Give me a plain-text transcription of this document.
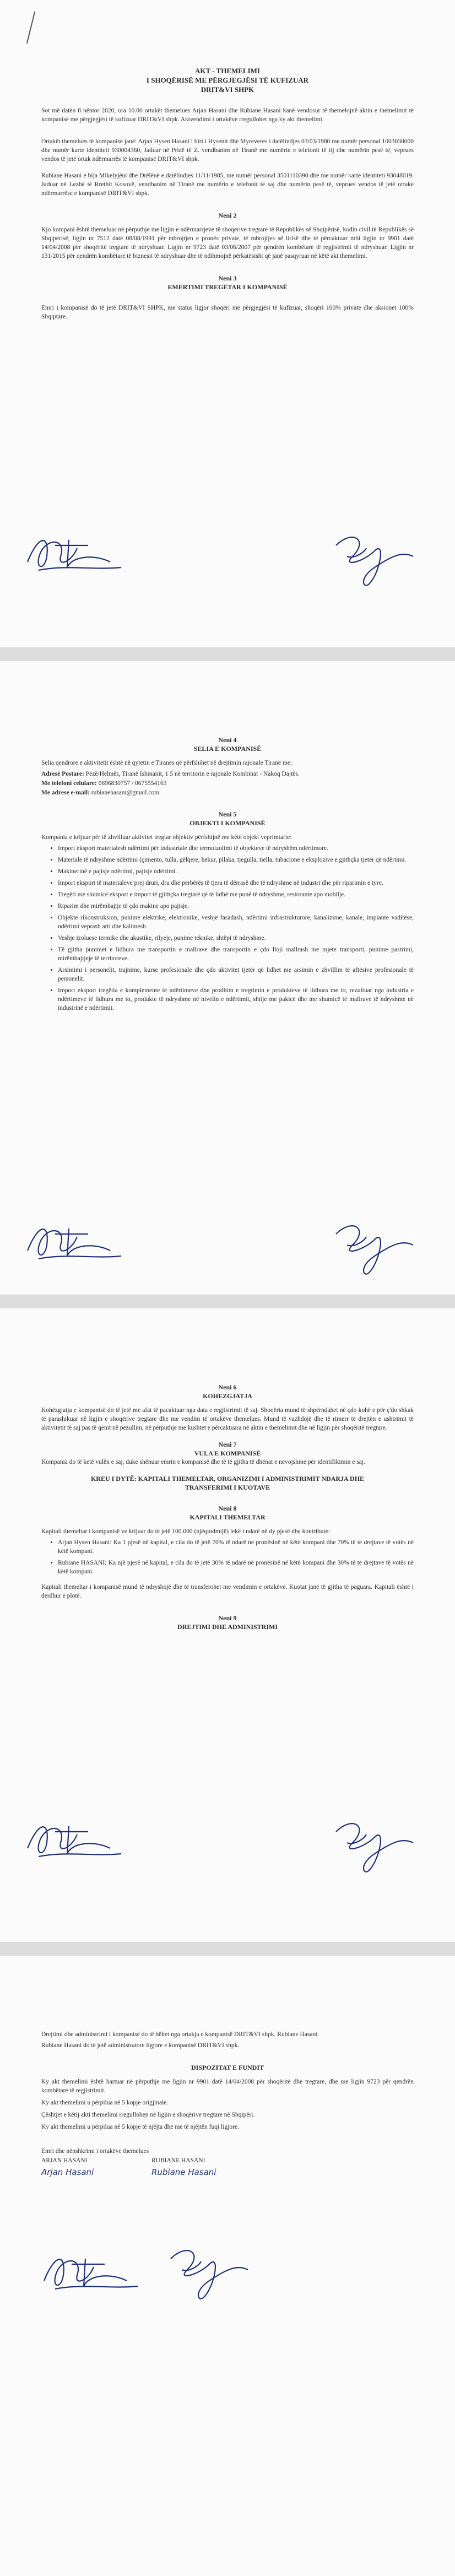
AKT - THEMELIMI

I SHOQËRISË ME PËRGJEGJËSI TË KUFIZUAR

DRIT&VI SHPK

Sot më datën 8 nëntor 2020, ora 10.00 ortakët themelues Arjan Hasani dhe Rubiane Hasani kanë vendosur të themelojnë aktin e themelimit të kompanisë me përgjegjësi të kufizuar DRIT&VI shpk. Aktvendimi i ortakëve rregullohet nga ky akt themelimi.

Ortakët themelues të kompanisë janë: Arjan Hysen Hasani i biri i Hysenit dhe Myreveres i datëlindjes 03/03/1980 me numër personal 1003030000 dhe numër karte identiteti 930004360, Jaduar në Prizë të Z. vendbanim në Tiranë me numërin e telefonit të tij dhe numërin pesë të, veprues vendos të jetë ortak ndërmarrës të kompanisë DRIT&VI shpk.

Rubiane Hasani e bija Mikelyjëni dhe Drëlënë e datëlindjes 11/11/1985, me numër personal 3501110390 dhe me numër karte identiteti 93048019. Jaduar në Lezhë të Rrethit Kosovë, vendbanim në Tiranë me numërin e telefonit të saj dhe numërin pesë të, veprues vendos të jetë ortake ndërmarrëse e kompanisë DRIT&VI shpk.

Neni 2

Kjo kompani është themeluar në përputhje me ligjin e ndërmarrjeve të shoqërive tregtare të Republikës së Shqipërisë, kodin civil të Republikës së Shqipërisë, ligjin nr 7512 datë 08/08/1991 për mbrojtjen e pronës private, të mbrojtjes së lirisë dhe të përcaktuar mbi ligjin nr 9901 datë 14/04/2008 për shoqëritë tregtare të ndryshuar. Ligjin nr 9723 datë 03/06/2007 për qendrën kombëtare të regjistrimit të ndryshuar. Ligjin nr 131/2015 për qendrën kombëtare të biznesit të ndryshuar dhe të ndihmojnë përkatësisht që janë pasqyruar në këtë akt themelimi.

Neni 3

EMËRTIMI TREGËTAR I KOMPANISË

Emri i kompanisë do të jetë DRIT&VI SHPK, me status ligjor shoqëri me përgjegjësi të kufizuar, shoqëri 100% private dhe aksionet 100% Shqiptare.

Neni 4

SELIA E KOMPANISË

Selia qendrore e aktivitetit është në qytetin e Tiranës që përfshihet në drejtimin rajonale Tiranë me:

Adresë Postare: Pezë/Helmës, Tiranë Ishmanit, 1 5 në territorin e rajonale Kombinat - Nakoq Dajtës.

Me telefoni celulare: 0696830757 / 0675554163

Me adrese e-mail: rubianehasani@gmail.com

Neni 5

OBJEKTI I KOMPANISË

Kompania e krijuar për të zhvilluar aktivitet tregtar objektiv përfshijnë me këtë objekt veprimtarie:

• Import eksport materialesh ndërtimi për industriale dhe termoizolimi të objekteve të ndryshëm ndërtimore.
• Materiale të ndryshme ndërtimi (çimento, tulla, gëlqere, hekur, pllaka, tjegulla, tiella, tubacione e eksplozive e gjithçka tjetër që ndërtimi.
• Makinerinë e pajisje ndërtimi, pajisje ndërtimi.
• Import eksport të materialeve prej druri, dru dhe përbërës të tjera të dërrasë dhe të ndryshme në industri dhe për riparimin e tyre.
• Tregëti me shumicë eksport e import të gjithçka tregtarë që të lidhë me punë të ndryshme, restorante apo mobilje.
• Riparim dhe mirëmbajtje të çdo makine apo pajisje.
• Objekte rikonstruksion, punime elektrike, elektronike, veshje fasadash, ndërtimi infrastrukturore, kanalizime, kanale, impiante vaditëse, ndërtimi veprash arti dhe kalimesh.
• Veshje izoluese termike dhe akustike, rilyeje, punime teknike, shtëpi të ndryshme.
• Të gjitha punimet e lidhura me transportin e mallrave dhe transportin e çdo lloji mallrash me mjete transporti, punime pastrimi, mirëmbajtjeje të territoreve.
• Arsimimi i personelit, trajnime, kurse profesionale dhe çdo aktivitet tjetër që lidhet me arsimin e zhvillim të aftësive profesionale të personelit.
• Import eksport tregëtia e komplemente të ndërtimeve dhe prodhim e tregtimin e produkteve të lidhura me to, rezultuar nga industria e ndërtimeve të lidhura me to, produkte të ndryshme në nivelin e ndërtimit, shitje me pakicë dhe me shumicë të mallrave të ndryshme në industrinë e ndërtimit.

Neni 6

KOHEZGJATJA

Kohëzgjatja e kompanisë do të jetë me afat të pacaktuar nga data e regjistrimit të saj. Shoqëria mund të shpërndahet në çdo kohë e për ç'do shkak të parashikuar në ligjin e shoqërive tregtare dhe me vendim të ortakëve themelues. Mund të vazhdojë dhe të rimerr të drejtën e ushtrimit të aktivitetit të saj pas të qenit në pezullim, në përputhje me kushtet e përcaktuara në aktin e themelimit dhe në ligjin për shoqëritë tregtare.

Neni 7

VULA E KOMPANISË

Kompania do të ketë vulën e saj, duke shënuar emrin e kompanisë dhe të të gjitha të dhënat e nevojshme për identifikimin e saj.

KREU I DYTË: KAPITALI THEMELTAR, ORGANIZIMI I ADMINISTRIMIT NDARJA DHE

TRANSFERIMI I KUOTAVE

Neni 8

KAPITALI THEMELTAR

Kapitali themeltar i kompanisë ve krijuar do të jetë 100.000 (njëqindmijë) lekë i ndarë në dy pjesë dhe kontribute:

• Arjan Hysen Hasani: Ka 1 pjesë në kapital, e cila do të jetë 70% të ndarë në pronësinë në këtë kompani dhe 70% të të drejtave të votës në këtë kompani.
• Rubiane HASANI: Ka një pjesë në kapital, e cila do të jetë 30% të ndarë në pronësinë në këtë kompani dhe 30% të të drejtave të votës në këtë kompani.

Kapitali themeltar i kompanisë mund të ndryshojë dhe të transferohet me vendimin e ortakëve. Kuotat janë të gjitha të paguara. Kapitali është i derdhur e plotë.

Neni 9

DREJTIMI DHE ADMINISTRIMI

Drejtimi dhe administrimi i kompanisë do të bëhet nga ortakja e kompanisë DRIT&VI shpk. Rubiane Hasani

Rubiane Hasani do të jetë administratore ligjore e kompanisë DRIT&VI shpk.

DISPOZITAT E FUNDIT

Ky akt themelimi është hartuar në përputhje me ligjin nr 9901 datë 14/04/2008 për shoqëritë dhe tregtare, dhe me ligjin 9723 për qendrën kombëtare të regjistrimit.

Ky akt themelimi u përpilua në 5 kopje origjinale.

Çështjet e këtij akti themelimi rregullohen në ligjin e shoqërive tregtare në Shqipëri.

Ky akt themelimi u përpilua në 5 kopje të njëjta dhe me të njëjtën fuqi ligjore.

Emri dhe nënshkrimi i ortakëve themelues

ARJAN HASANI	RUBIANE HASANI

Arjan Hasani	Rubiane Hasani
